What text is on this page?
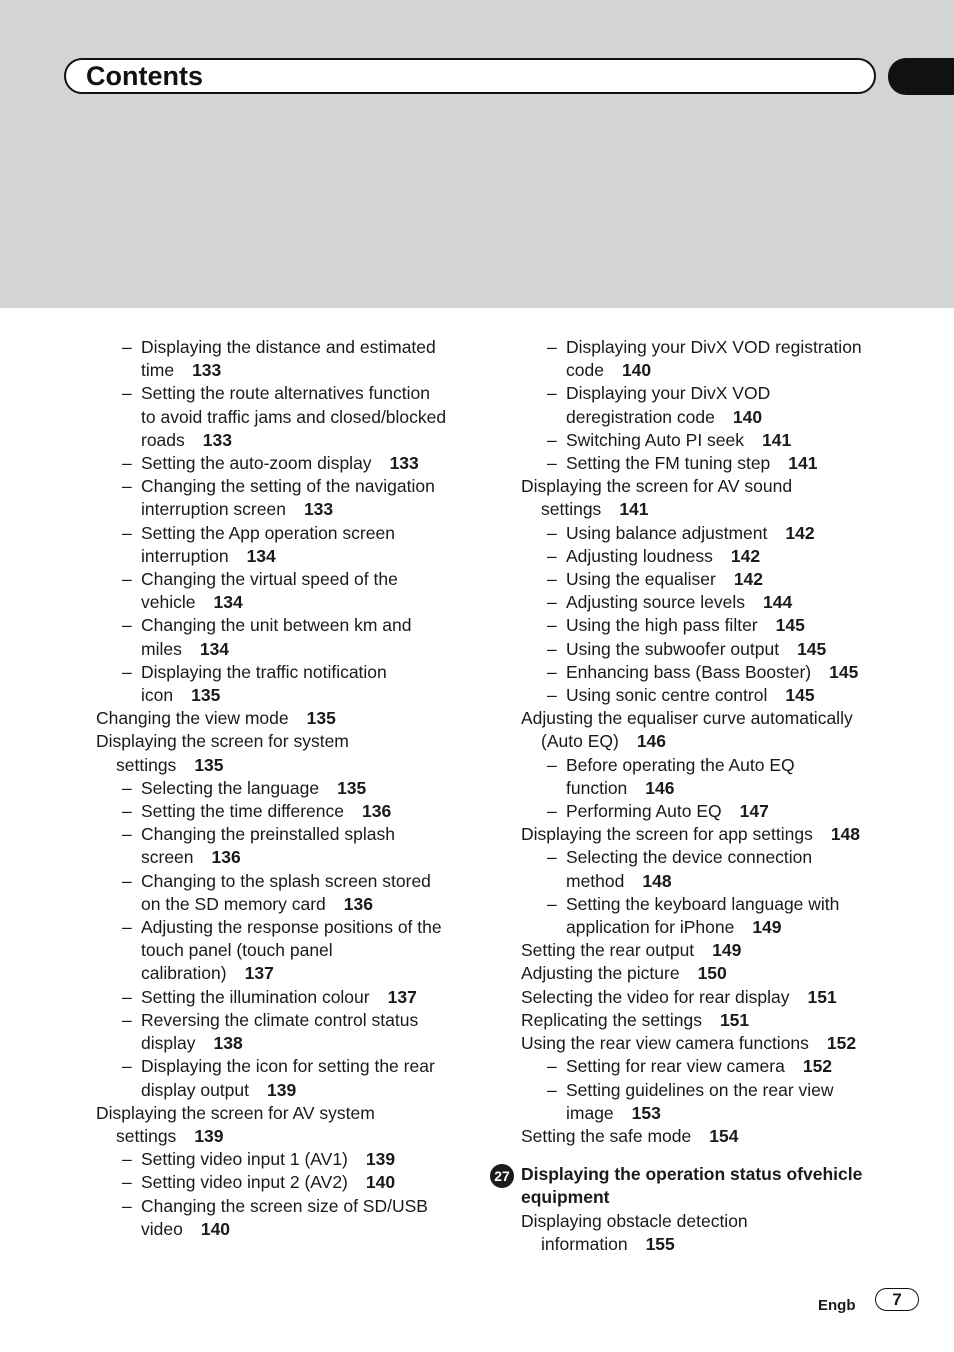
Contents
– Displaying the distance and estimated
time 133
– Setting the route alternatives function
to avoid traffic jams and closed/blocked
roads 133
– Setting the auto-zoom display 133
– Changing the setting of the navigation
interruption screen 133
– Setting the App operation screen
interruption 134
– Changing the virtual speed of the
vehicle 134
– Changing the unit between km and
miles 134
– Displaying the traffic notification
icon 135
Changing the view mode 135
Displaying the screen for system
settings 135
– Selecting the language 135
– Setting the time difference 136
– Changing the preinstalled splash
screen 136
– Changing to the splash screen stored
on the SD memory card 136
– Adjusting the response positions of the
touch panel (touch panel
calibration) 137
– Setting the illumination colour 137
– Reversing the climate control status
display 138
– Displaying the icon for setting the rear
display output 139
Displaying the screen for AV system
settings 139
– Setting video input 1 (AV1) 139
– Setting video input 2 (AV2) 140
– Changing the screen size of SD/USB
video 140
– Displaying your DivX VOD registration
code 140
– Displaying your DivX VOD
deregistration code 140
– Switching Auto PI seek 141
– Setting the FM tuning step 141
Displaying the screen for AV sound
settings 141
– Using balance adjustment 142
– Adjusting loudness 142
– Using the equaliser 142
– Adjusting source levels 144
– Using the high pass filter 145
– Using the subwoofer output 145
– Enhancing bass (Bass Booster) 145
– Using sonic centre control 145
Adjusting the equaliser curve automatically
(Auto EQ) 146
– Before operating the Auto EQ
function 146
– Performing Auto EQ 147
Displaying the screen for app settings 148
– Selecting the device connection
method 148
– Setting the keyboard language with
application for iPhone 149
Setting the rear output 149
Adjusting the picture 150
Selecting the video for rear display 151
Replicating the settings 151
Using the rear view camera functions 152
– Setting for rear view camera 152
– Setting guidelines on the rear view
image 153
Setting the safe mode 154
27 Displaying the operation status ofvehicle equipment
Displaying obstacle detection
information 155
Engb	7
